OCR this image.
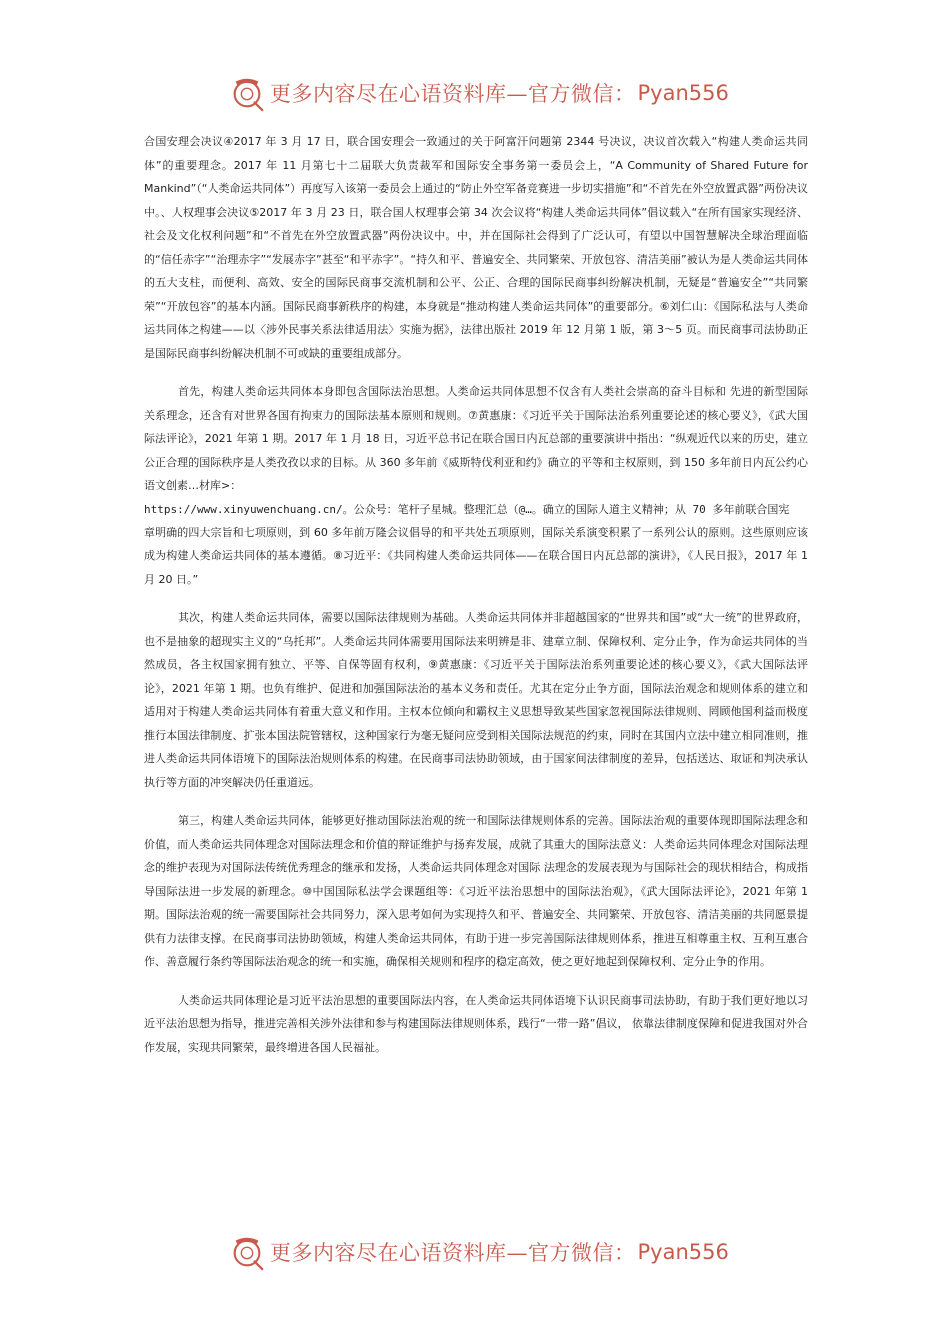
更多内容尽在心语资料库—官方微信： Pyan556

合国安理会决议④2017 年 3 月 17 日，联合国安理会一致通过的关于阿富汗问题第 2344 号决议，决议首次载入“构建人类命运共同体”的重要理念。2017 年 11 月第七十二届联大负责裁军和国际安全事务第一委员会上，“A Community of Shared Future for Mankind”（“人类命运共同体”）再度写入该第一委员会上通过的“防止外空军备竞赛进一步切实措施”和“不首先在外空放置武器”两份决议中。、人权理事会决议⑤2017 年 3 月 23 日，联合国人权理事会第 34 次会议将“构建人类命运共同体”倡议载入“在所有国家实现经济、社会及文化权利问题”和“不首先在外空放置武器”两份决议中。中，并在国际社会得到了广泛认可，有望以中国智慧解决全球治理面临的“信任赤字”“治理赤字”“发展赤字”甚至“和平赤字”。“持久和平、普遍安全、共同繁荣、开放包容、清洁美丽”被认为是人类命运共同体的五大支柱，而便利、高效、安全的国际民商事交流机制和公平、公正、合理的国际民商事纠纷解决机制，无疑是“普遍安全”“共同繁荣”“开放包容”的基本内涵。国际民商事新秩序的构建，本身就是“推动构建人类命运共同体”的重要部分。⑥刘仁山：《国际私法与人类命运共同体之构建——以〈涉外民事关系法律适用法〉实施为据》，法律出版社 2019 年 12 月第 1 版，第 3～5 页。而民商事司法协助正是国际民商事纠纷解决机制不可或缺的重要组成部分。

首先，构建人类命运共同体本身即包含国际法治思想。人类命运共同体思想不仅含有人类社会崇高的奋斗目标和 先进的新型国际关系理念，还含有对世界各国有拘束力的国际法基本原则和规则。⑦黄惠康：《习近平关于国际法治系列重要论述的核心要义》，《武大国际法评论》，2021 年第 1 期。2017 年 1 月 18 日，习近平总书记在联合国日内瓦总部的重要演讲中指出：“纵观近代以来的历史，建立公正合理的国际秩序是人类孜孜以求的目标。从 360 多年前《威斯特伐利亚和约》确立的平等和主权原则，到 150 多年前日内瓦公约心语文创素…材库>：

https://www.xinyuwenchuang.cn/。公众号：笔杆子星城。整理汇总（@…。确立的国际人道主义精神；从 70 多年前联合国宪

章明确的四大宗旨和七项原则，到 60 多年前万隆会议倡导的和平共处五项原则，国际关系演变积累了一系列公认的原则。这些原则应该成为构建人类命运共同体的基本遵循。⑧习近平：《共同构建人类命运共同体——在联合国日内瓦总部的演讲》，《人民日报》，2017 年 1 月 20 日。”

其次，构建人类命运共同体，需要以国际法律规则为基础。人类命运共同体并非超越国家的“世界共和国”或“大一统”的世界政府，也不是抽象的超现实主义的“乌托邦”。人类命运共同体需要用国际法来明辨是非、建章立制、保障权利、定分止争，作为命运共同体的当然成员，各主权国家拥有独立、平等、自保等固有权利，⑨黄惠康：《习近平关于国际法治系列重要论述的核心要义》，《武大国际法评论》，2021 年第 1 期。也负有维护、促进和加强国际法治的基本义务和责任。尤其在定分止争方面，国际法治观念和规则体系的建立和适用对于构建人类命运共同体有着重大意义和作用。主权本位倾向和霸权主义思想导致某些国家忽视国际法律规则、罔顾他国利益而极度推行本国法律制度、扩张本国法院管辖权，这种国家行为毫无疑问应受到相关国际法规范的约束，同时在其国内立法中建立相同准则，推进人类命运共同体语境下的国际法治规则体系的构建。在民商事司法协助领域，由于国家间法律制度的差异，包括送达、取证和判决承认执行等方面的冲突解决仍任重道远。

第三，构建人类命运共同体，能够更好推动国际法治观的统一和国际法律规则体系的完善。国际法治观的重要体现即国际法理念和价值，而人类命运共同体理念对国际法理念和价值的辩证维护与扬弃发展，成就了其重大的国际法意义：人类命运共同体理念对国际法理念的维护表现为对国际法传统优秀理念的继承和发扬，人类命运共同体理念对国际 法理念的发展表现为与国际社会的现状相结合，构成指导国际法进一步发展的新理念。⑩中国国际私法学会课题组等：《习近平法治思想中的国际法治观》，《武大国际法评论》，2021 年第 1 期。国际法治观的统一需要国际社会共同努力，深入思考如何为实现持久和平、普遍安全、共同繁荣、开放包容、清洁美丽的共同愿景提供有力法律支撑。在民商事司法协助领域，构建人类命运共同体，有助于进一步完善国际法律规则体系，推进互相尊重主权、互利互惠合作、善意履行条约等国际法治观念的统一和实施，确保相关规则和程序的稳定高效，使之更好地起到保障权利、定分止争的作用。

人类命运共同体理论是习近平法治思想的重要国际法内容，在人类命运共同体语境下认识民商事司法协助，有助于我们更好地以习近平法治思想为指导，推进完善相关涉外法律和参与构建国际法律规则体系，践行“一带一路”倡议， 依靠法律制度保障和促进我国对外合作发展，实现共同繁荣，最终增进各国人民福祉。

更多内容尽在心语资料库—官方微信： Pyan556
